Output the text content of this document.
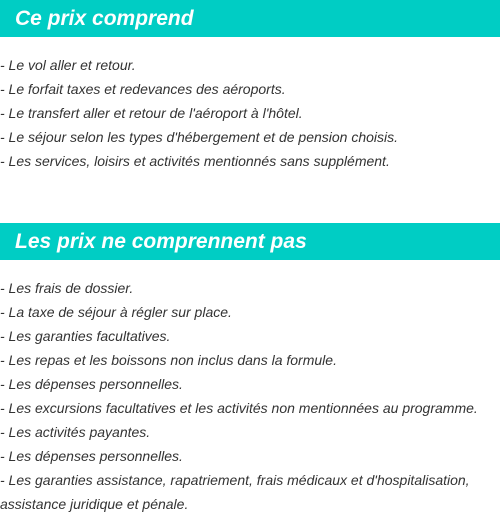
Ce prix comprend
- Le vol aller et retour.
- Le forfait taxes et redevances des aéroports.
- Le transfert aller et retour de l'aéroport à l'hôtel.
- Le séjour selon les types d'hébergement et de pension choisis.
- Les services, loisirs et activités mentionnés sans supplément.
Les prix ne comprennent pas
- Les frais de dossier.
- La taxe de séjour à régler sur place.
- Les garanties facultatives.
- Les repas et les boissons non inclus dans la formule.
- Les dépenses personnelles.
- Les excursions facultatives et les activités non mentionnées au programme.
- Les activités payantes.
- Les dépenses personnelles.
- Les garanties assistance, rapatriement, frais médicaux et d'hospitalisation, assistance juridique et pénale.
